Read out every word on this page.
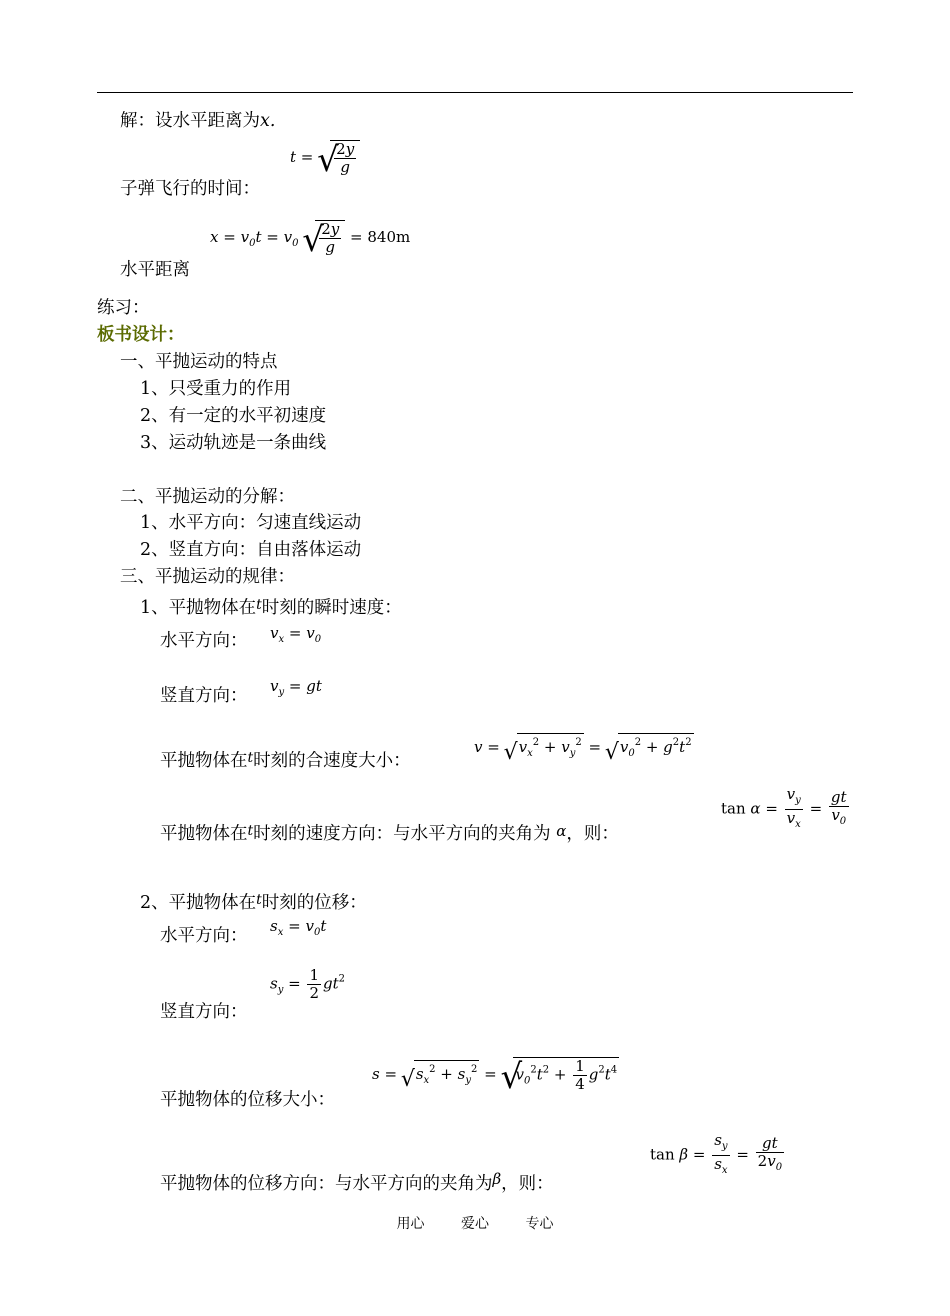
解：设水平距离为x.
t = √ $\frac{2y}{g}$
子弹飞行的时间：
$x = v_0t = v_0$ √ $\frac{2y}{g} = 840m$
水平距离
练习：
板书设计：
一、平抛运动的特点
1、只受重力的作用
2、有一定的水平初速度
3、运动轨迹是一条曲线
二、平抛运动的分解：
1、水平方向：匀速直线运动
2、竖直方向：自由落体运动
三、平抛运动的规律：
1、平抛物体在$^t$时刻的瞬时速度：
水平方向： $v_x = v_0$
竖直方向： $v_y$ = gt
平抛物体在$^t$时刻的合速度大小：
v = √ $v_x^2 + v_y^2$ = √ $v_0^2 + g^2t^2$
平抛物体在$^t$时刻的速度方向：与水平方向的夹角为 α，则：
$\tan \alpha = \frac{v_y}{v_x} = \frac{gt}{v_0}$
2、平抛物体在$^t$时刻的位移：
水平方向： $s_x = v_0t$
竖直方向：
$s_y = \frac{1}{2} gt^2$
平抛物体的位移大小：
s = √ $s_x^2 + s_y^2$ = √ $v_0^2t^2 + \frac{1}{4} g^2t^4$
平抛物体的位移方向：与水平方向的夹角为β，则：
$\tan \beta = \frac{s_y}{s_x} = \frac{gt}{2v_0}$
用心	爱心	专心
